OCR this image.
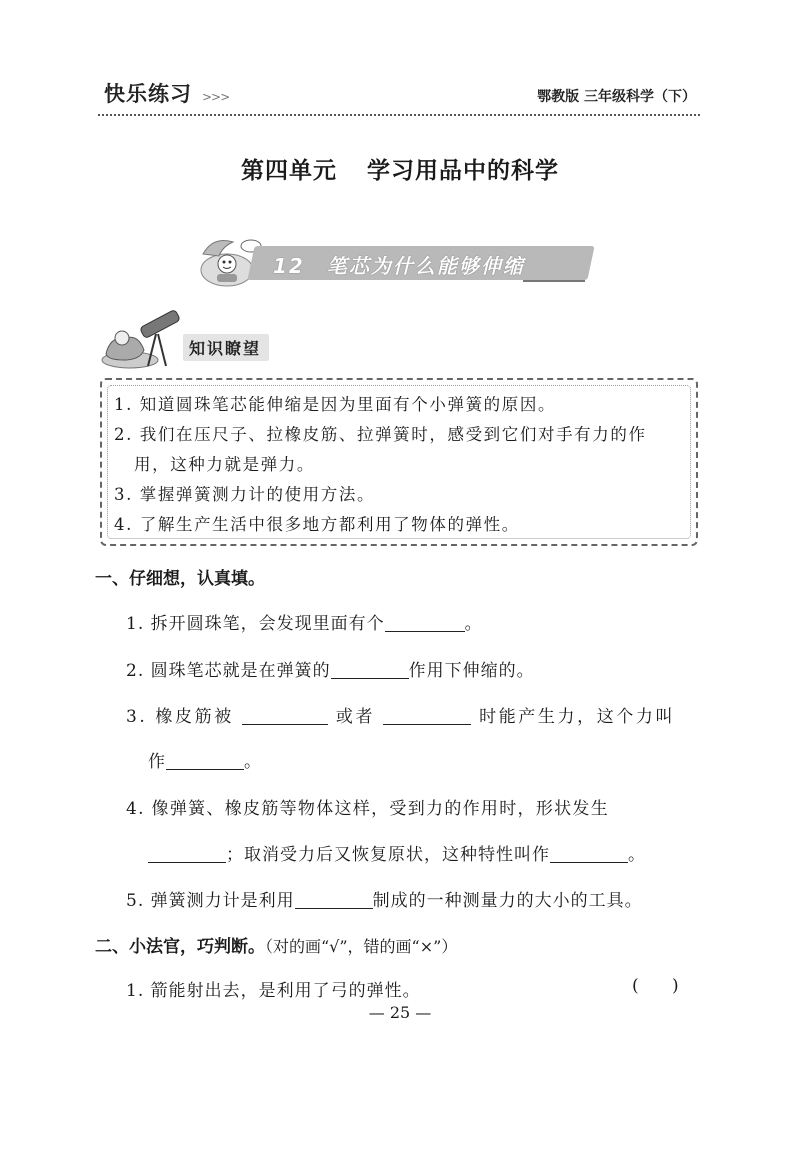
快乐练习 >>>	鄂教版 三年级科学（下）
第四单元 学习用品中的科学
12 笔芯为什么能够伸缩
知识瞭望
1. 知道圆珠笔芯能伸缩是因为里面有个小弹簧的原因。
2. 我们在压尺子、拉橡皮筋、拉弹簧时，感受到它们对手有力的作
用，这种力就是弹力。
3. 掌握弹簧测力计的使用方法。
4. 了解生产生活中很多地方都利用了物体的弹性。
一、仔细想，认真填。
1. 拆开圆珠笔，会发现里面有个	。
2. 圆珠笔芯就是在弹簧的	作用下伸缩的。
3. 橡皮筋被	或者	时能产生力，这个力叫
作	。
4. 像弹簧、橡皮筋等物体这样，受到力的作用时，形状发生
；取消受力后又恢复原状，这种特性叫作	。
5. 弹簧测力计是利用	制成的一种测量力的大小的工具。
二、小法官，巧判断。（对的画“√”，错的画“×”）
1. 箭能射出去，是利用了弓的弹性。	( )
— 25 —
